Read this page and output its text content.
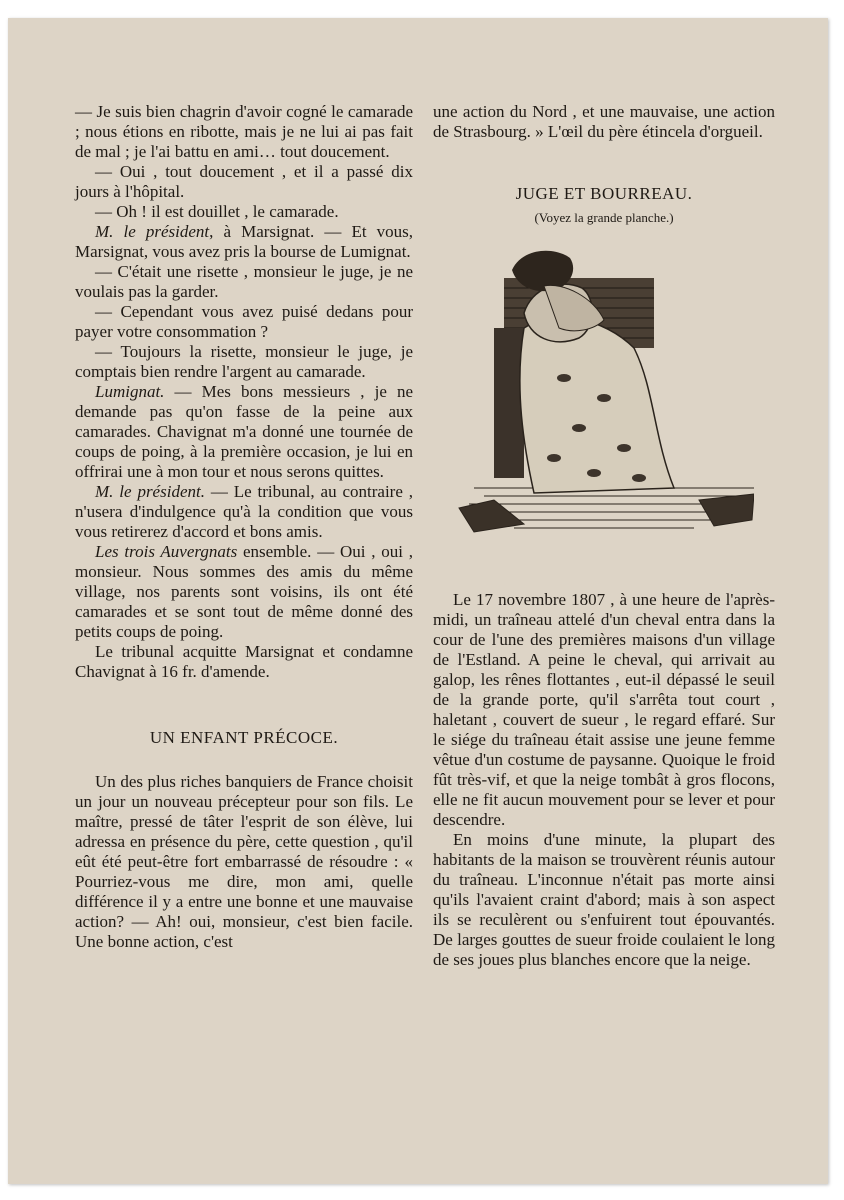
— Je suis bien chagrin d'avoir cogné le camarade ; nous étions en ribotte, mais je ne lui ai pas fait de mal ; je l'ai battu en ami… tout doucement.

— Oui , tout doucement , et il a passé dix jours à l'hôpital.

— Oh ! il est douillet , le camarade.

M. le président, à Marsignat. — Et vous, Marsignat, vous avez pris la bourse de Lumignat.

— C'était une risette , monsieur le juge, je ne voulais pas la garder.

— Cependant vous avez puisé dedans pour payer votre consommation ?

— Toujours la risette, monsieur le juge, je comptais bien rendre l'argent au camarade.

Lumignat. — Mes bons messieurs , je ne demande pas qu'on fasse de la peine aux camarades. Chavignat m'a donné une tournée de coups de poing, à la première occasion, je lui en offrirai une à mon tour et nous serons quittes.

M. le président. — Le tribunal, au contraire , n'usera d'indulgence qu'à la condition que vous vous retirerez d'accord et bons amis.

Les trois Auvergnats ensemble. — Oui , oui , monsieur. Nous sommes des amis du même village, nos parents sont voisins, ils ont été camarades et se sont tout de même donné des petits coups de poing.

Le tribunal acquitte Marsignat et condamne Chavignat à 16 fr. d'amende.

UN ENFANT PRÉCOCE.

Un des plus riches banquiers de France choisit un jour un nouveau précepteur pour son fils. Le maître, pressé de tâter l'esprit de son élève, lui adressa en présence du père, cette question , qu'il eût été peut-être fort embarrassé de résoudre : « Pourriez-vous me dire, mon ami, quelle différence il y a entre une bonne et une mauvaise action? — Ah! oui, monsieur, c'est bien facile. Une bonne action, c'est

une action du Nord , et une mauvaise, une action de Strasbourg. » L'œil du père étincela d'orgueil.

JUGE ET BOURREAU.

(Voyez la grande planche.)

Le 17 novembre 1807 , à une heure de l'après-midi, un traîneau attelé d'un cheval entra dans la cour de l'une des premières maisons d'un village de l'Estland. A peine le cheval, qui arrivait au galop, les rênes flottantes , eut-il dépassé le seuil de la grande porte, qu'il s'arrêta tout court , haletant , couvert de sueur , le regard effaré. Sur le siége du traîneau était assise une jeune femme vêtue d'un costume de paysanne. Quoique le froid fût très-vif, et que la neige tombât à gros flocons, elle ne fit aucun mouvement pour se lever et pour descendre.

En moins d'une minute, la plupart des habitants de la maison se trouvèrent réunis autour du traîneau. L'inconnue n'était pas morte ainsi qu'ils l'avaient craint d'abord; mais à son aspect ils se reculèrent ou s'enfuirent tout épouvantés. De larges gouttes de sueur froide coulaient le long de ses joues plus blanches encore que la neige.
